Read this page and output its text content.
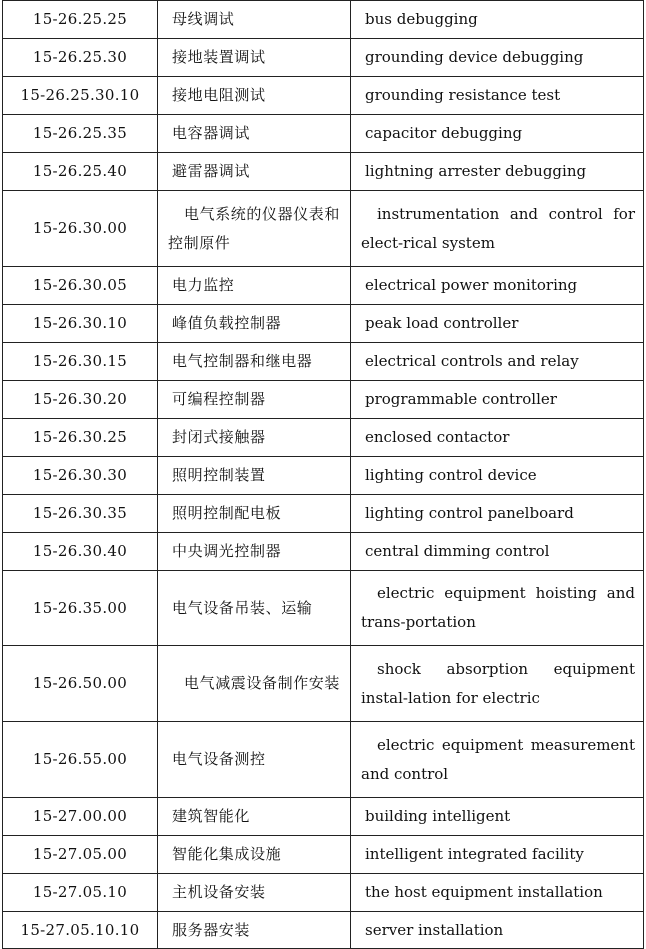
15-26.25.25	母线调试	bus debugging
15-26.25.30	接地装置调试	grounding device debugging
15-26.25.30.10	接地电阻测试	grounding resistance test
15-26.25.35	电容器调试	capacitor debugging
15-26.25.40	避雷器调试	lightning arrester debugging
15-26.30.00	电气系统的仪器仪表和控制原件	instrumentation and control for elect-rical system
15-26.30.05	电力监控	electrical power monitoring
15-26.30.10	峰值负载控制器	peak load controller
15-26.30.15	电气控制器和继电器	electrical controls and relay
15-26.30.20	可编程控制器	programmable controller
15-26.30.25	封闭式接触器	enclosed contactor
15-26.30.30	照明控制装置	lighting control device
15-26.30.35	照明控制配电板	lighting control panelboard
15-26.30.40	中央调光控制器	central dimming control
15-26.35.00	电气设备吊装、运输	electric equipment hoisting and trans-portation
15-26.50.00	电气减震设备制作安装	shock absorption equipment instal-lation for electric
15-26.55.00	电气设备测控	electric equipment measurement and control
15-27.00.00	建筑智能化	building intelligent
15-27.05.00	智能化集成设施	intelligent integrated facility
15-27.05.10	主机设备安装	the host equipment installation
15-27.05.10.10	服务器安装	server installation
